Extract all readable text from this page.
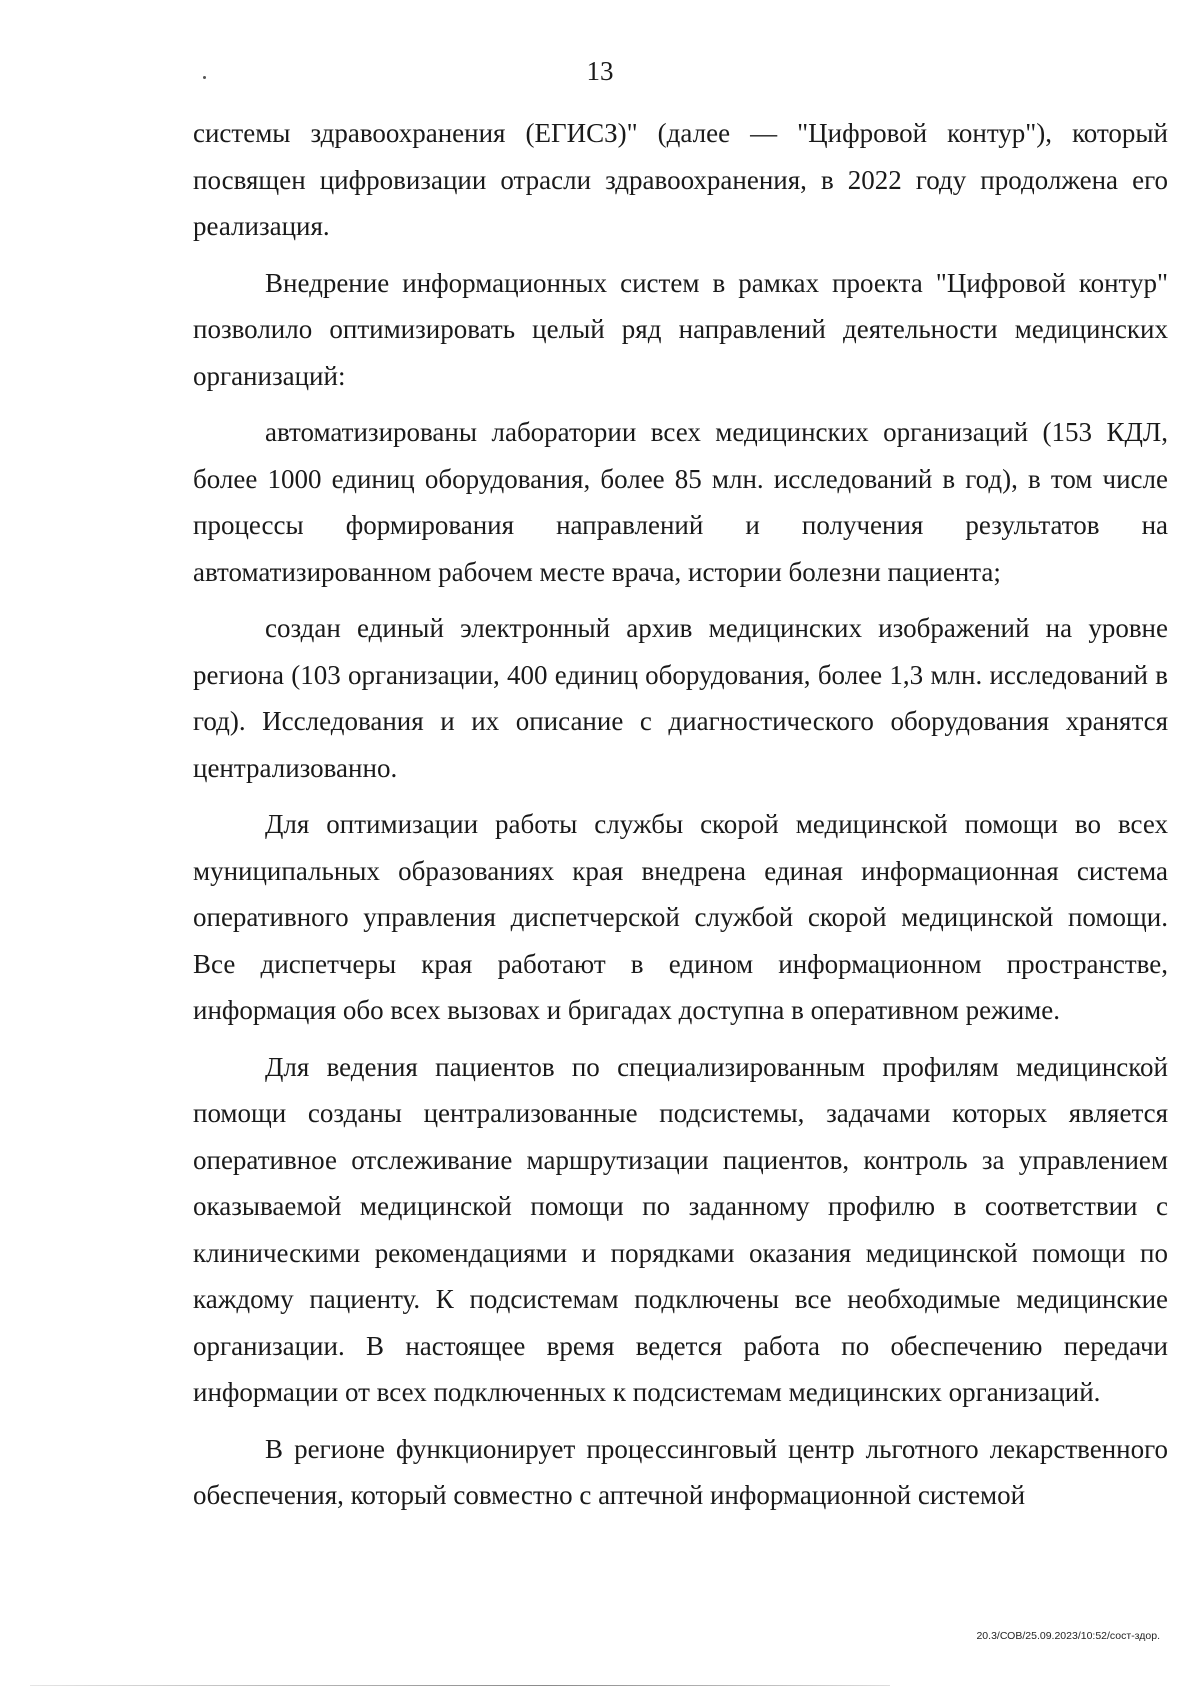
13

системы здравоохранения (ЕГИСЗ)" (далее — "Цифровой контур"), который посвящен цифровизации отрасли здравоохранения, в 2022 году продолжена его реализация.

Внедрение информационных систем в рамках проекта "Цифровой контур" позволило оптимизировать целый ряд направлений деятельности медицинских организаций:

автоматизированы лаборатории всех медицинских организаций (153 КДЛ, более 1000 единиц оборудования, более 85 млн. исследований в год), в том числе процессы формирования направлений и получения результатов на автоматизированном рабочем месте врача, истории болезни пациента;

создан единый электронный архив медицинских изображений на уровне региона (103 организации, 400 единиц оборудования, более 1,3 млн. исследований в год). Исследования и их описание с диагностического оборудования хранятся централизованно.

Для оптимизации работы службы скорой медицинской помощи во всех муниципальных образованиях края внедрена единая информационная система оперативного управления диспетчерской службой скорой медицинской помощи. Все диспетчеры края работают в едином информационном пространстве, информация обо всех вызовах и бригадах доступна в оперативном режиме.

Для ведения пациентов по специализированным профилям медицинской помощи созданы централизованные подсистемы, задачами которых является оперативное отслеживание маршрутизации пациентов, контроль за управлением оказываемой медицинской помощи по заданному профилю в соответствии с клиническими рекомендациями и порядками оказания медицинской помощи по каждому пациенту. К подсистемам подключены все необходимые медицинские организации. В настоящее время ведется работа по обеспечению передачи информации от всех подключенных к подсистемам медицинских организаций.

В регионе функционирует процессинговый центр льготного лекарственного обеспечения, который совместно с аптечной информационной системой

20.3/СОВ/25.09.2023/10:52/сост-здор.
